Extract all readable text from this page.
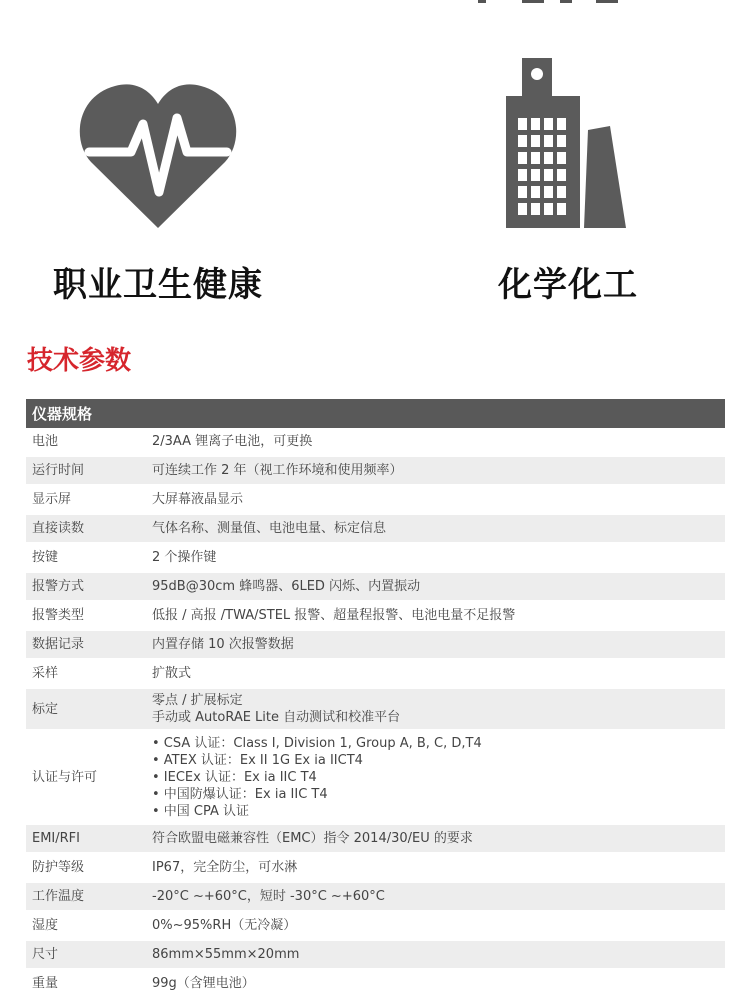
职业卫生健康	化学化工
技术参数
仪器规格	
电池	2/3AA 锂离子电池，可更换

运行时间	可连续工作 2 年（视工作环境和使用频率）

显示屏	大屏幕液晶显示

直接读数	气体名称、测量值、电池电量、标定信息

按键	2 个操作键

报警方式	95dB@30cm 蜂鸣器、6LED 闪烁、内置振动

报警类型	低报 / 高报 /TWA/STEL 报警、超量程报警、电池电量不足报警

数据记录	内置存储 10 次报警数据

采样	扩散式

标定	零点 / 扩展标定
手动或 AutoRAE Lite 自动测试和校准平台

认证与许可	• CSA 认证：Class I, Division 1, Group A, B, C, D,T4
• ATEX 认证：Ex II 1G Ex ia IICT4
• IECEx 认证：Ex ia IIC T4
• 中国防爆认证：Ex ia IIC T4
• 中国 CPA 认证

EMI/RFI	符合欧盟电磁兼容性（EMC）指令 2014/30/EU 的要求

防护等级	IP67，完全防尘，可水淋

工作温度	-20°C ~+60°C，短时 -30°C ~+60°C

湿度	0%~95%RH（无冷凝）

尺寸	86mm×55mm×20mm

重量	99g（含锂电池）
